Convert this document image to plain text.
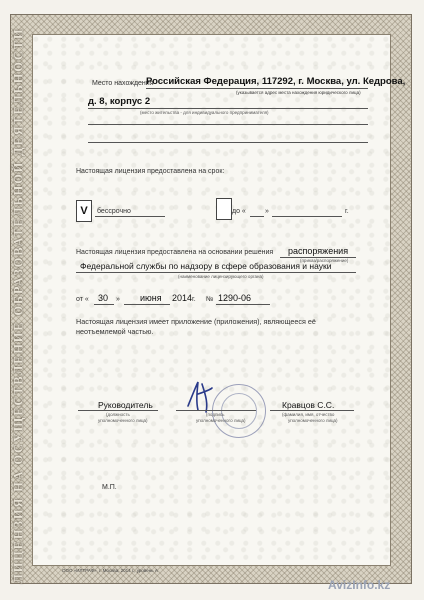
ЛИЦЕНЗИЯ НА ОСУЩЕСТВЛЕНИЕ ОБРАЗОВАТЕЛЬНОЙ ДЕЯТЕЛЬНОСТИ	Место нахождения
Российская Федерация, 117292, г. Москва, ул. Кедрова,
(указывается адрес места нахождения юридического лица)
д. 8, корпус 2
(место жительства - для индивидуального предпринимателя)
Настоящая лицензия предоставлена на срок:
V бессрочно	до «	»	г.
Настоящая лицензия предоставлена на основании решения распоряжения
(приказ/распоряжение)
Федеральной службы по надзору в сфере образования и науки
(наименование лицензирующего органа)
от « 30 » июня 2014 г. № 1290-06
Настоящая лицензия имеет приложение (приложения), являющееся её
неотъемлемой частью.
Руководитель
(должность
уполномоченного лица)
(подпись
уполномоченного лица)
Кравцов С.С.
(фамилия, имя, отчество
уполномоченного лица)
М.П.
ООО «ИЛТРАФ», г. Москва, 2014 г., уровень А
AvizInfo.kz
